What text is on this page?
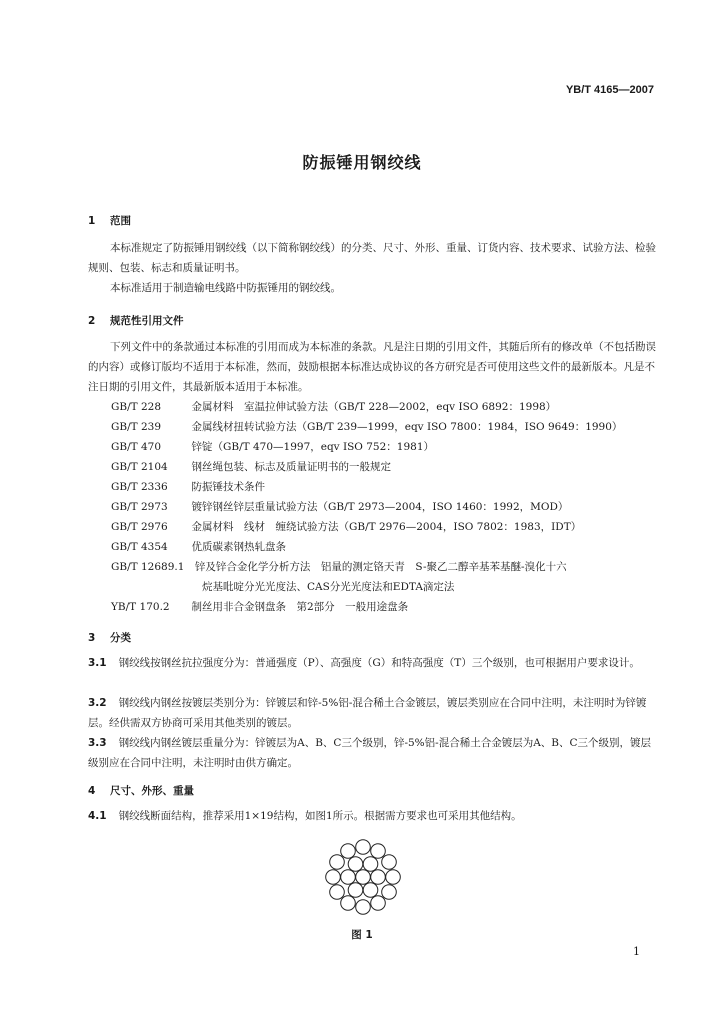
YB/T 4165—2007
防振锤用钢绞线
1 范围
本标准规定了防振锤用钢绞线（以下简称钢绞线）的分类、尺寸、外形、重量、订货内容、技术要求、试验方法、检验规则、包装、标志和质量证明书。
本标准适用于制造输电线路中防振锤用的钢绞线。
2 规范性引用文件
下列文件中的条款通过本标准的引用而成为本标准的条款。凡是注日期的引用文件，其随后所有的修改单（不包括勘误的内容）或修订版均不适用于本标准，然而，鼓励根据本标准达成协议的各方研究是否可使用这些文件的最新版本。凡是不注日期的引用文件，其最新版本适用于本标准。
GB/T 228　	金属材料　室温拉伸试验方法（GB/T 228—2002，eqv ISO 6892：1998）
GB/T 239　	金属线材扭转试验方法（GB/T 239—1999，eqv ISO 7800：1984，ISO 9649：1990）
GB/T 470　	锌锭（GB/T 470—1997，eqv ISO 752：1981）
GB/T 2104　 钢丝绳包装、标志及质量证明书的一般规定
GB/T 2336　 防振锤技术条件
GB/T 2973　 镀锌钢丝锌层重量试验方法（GB/T 2973—2004，ISO 1460：1992，MOD）
GB/T 2976　 金属材料　线材　缠绕试验方法（GB/T 2976—2004，ISO 7802：1983，IDT）
GB/T 4354　 优质碳素钢热轧盘条
GB/T 12689.1　 锌及锌合金化学分析方法　铝量的测定铬天青　S-聚乙二醇辛基苯基醚-溴化十六
烷基吡啶分光光度法、CAS分光光度法和EDTA滴定法
YB/T 170.2　 制丝用非合金钢盘条　第2部分　一般用途盘条
3 分类
3.1 钢绞线按钢丝抗拉强度分为：普通强度（P）、高强度（G）和特高强度（T）三个级别，也可根据用户要求设计。
3.2 钢绞线内钢丝按镀层类别分为：锌镀层和锌-5%铝-混合稀土合金镀层，镀层类别应在合同中注明，未注明时为锌镀层。经供需双方协商可采用其他类别的镀层。
3.3 钢绞线内钢丝镀层重量分为：锌镀层为A、B、C三个级别，锌-5%铝-混合稀土合金镀层为A、B、C三个级别，镀层级别应在合同中注明，未注明时由供方确定。
4 尺寸、外形、重量
4.1 钢绞线断面结构，推荐采用1×19结构，如图1所示。根据需方要求也可采用其他结构。
图 1
1
